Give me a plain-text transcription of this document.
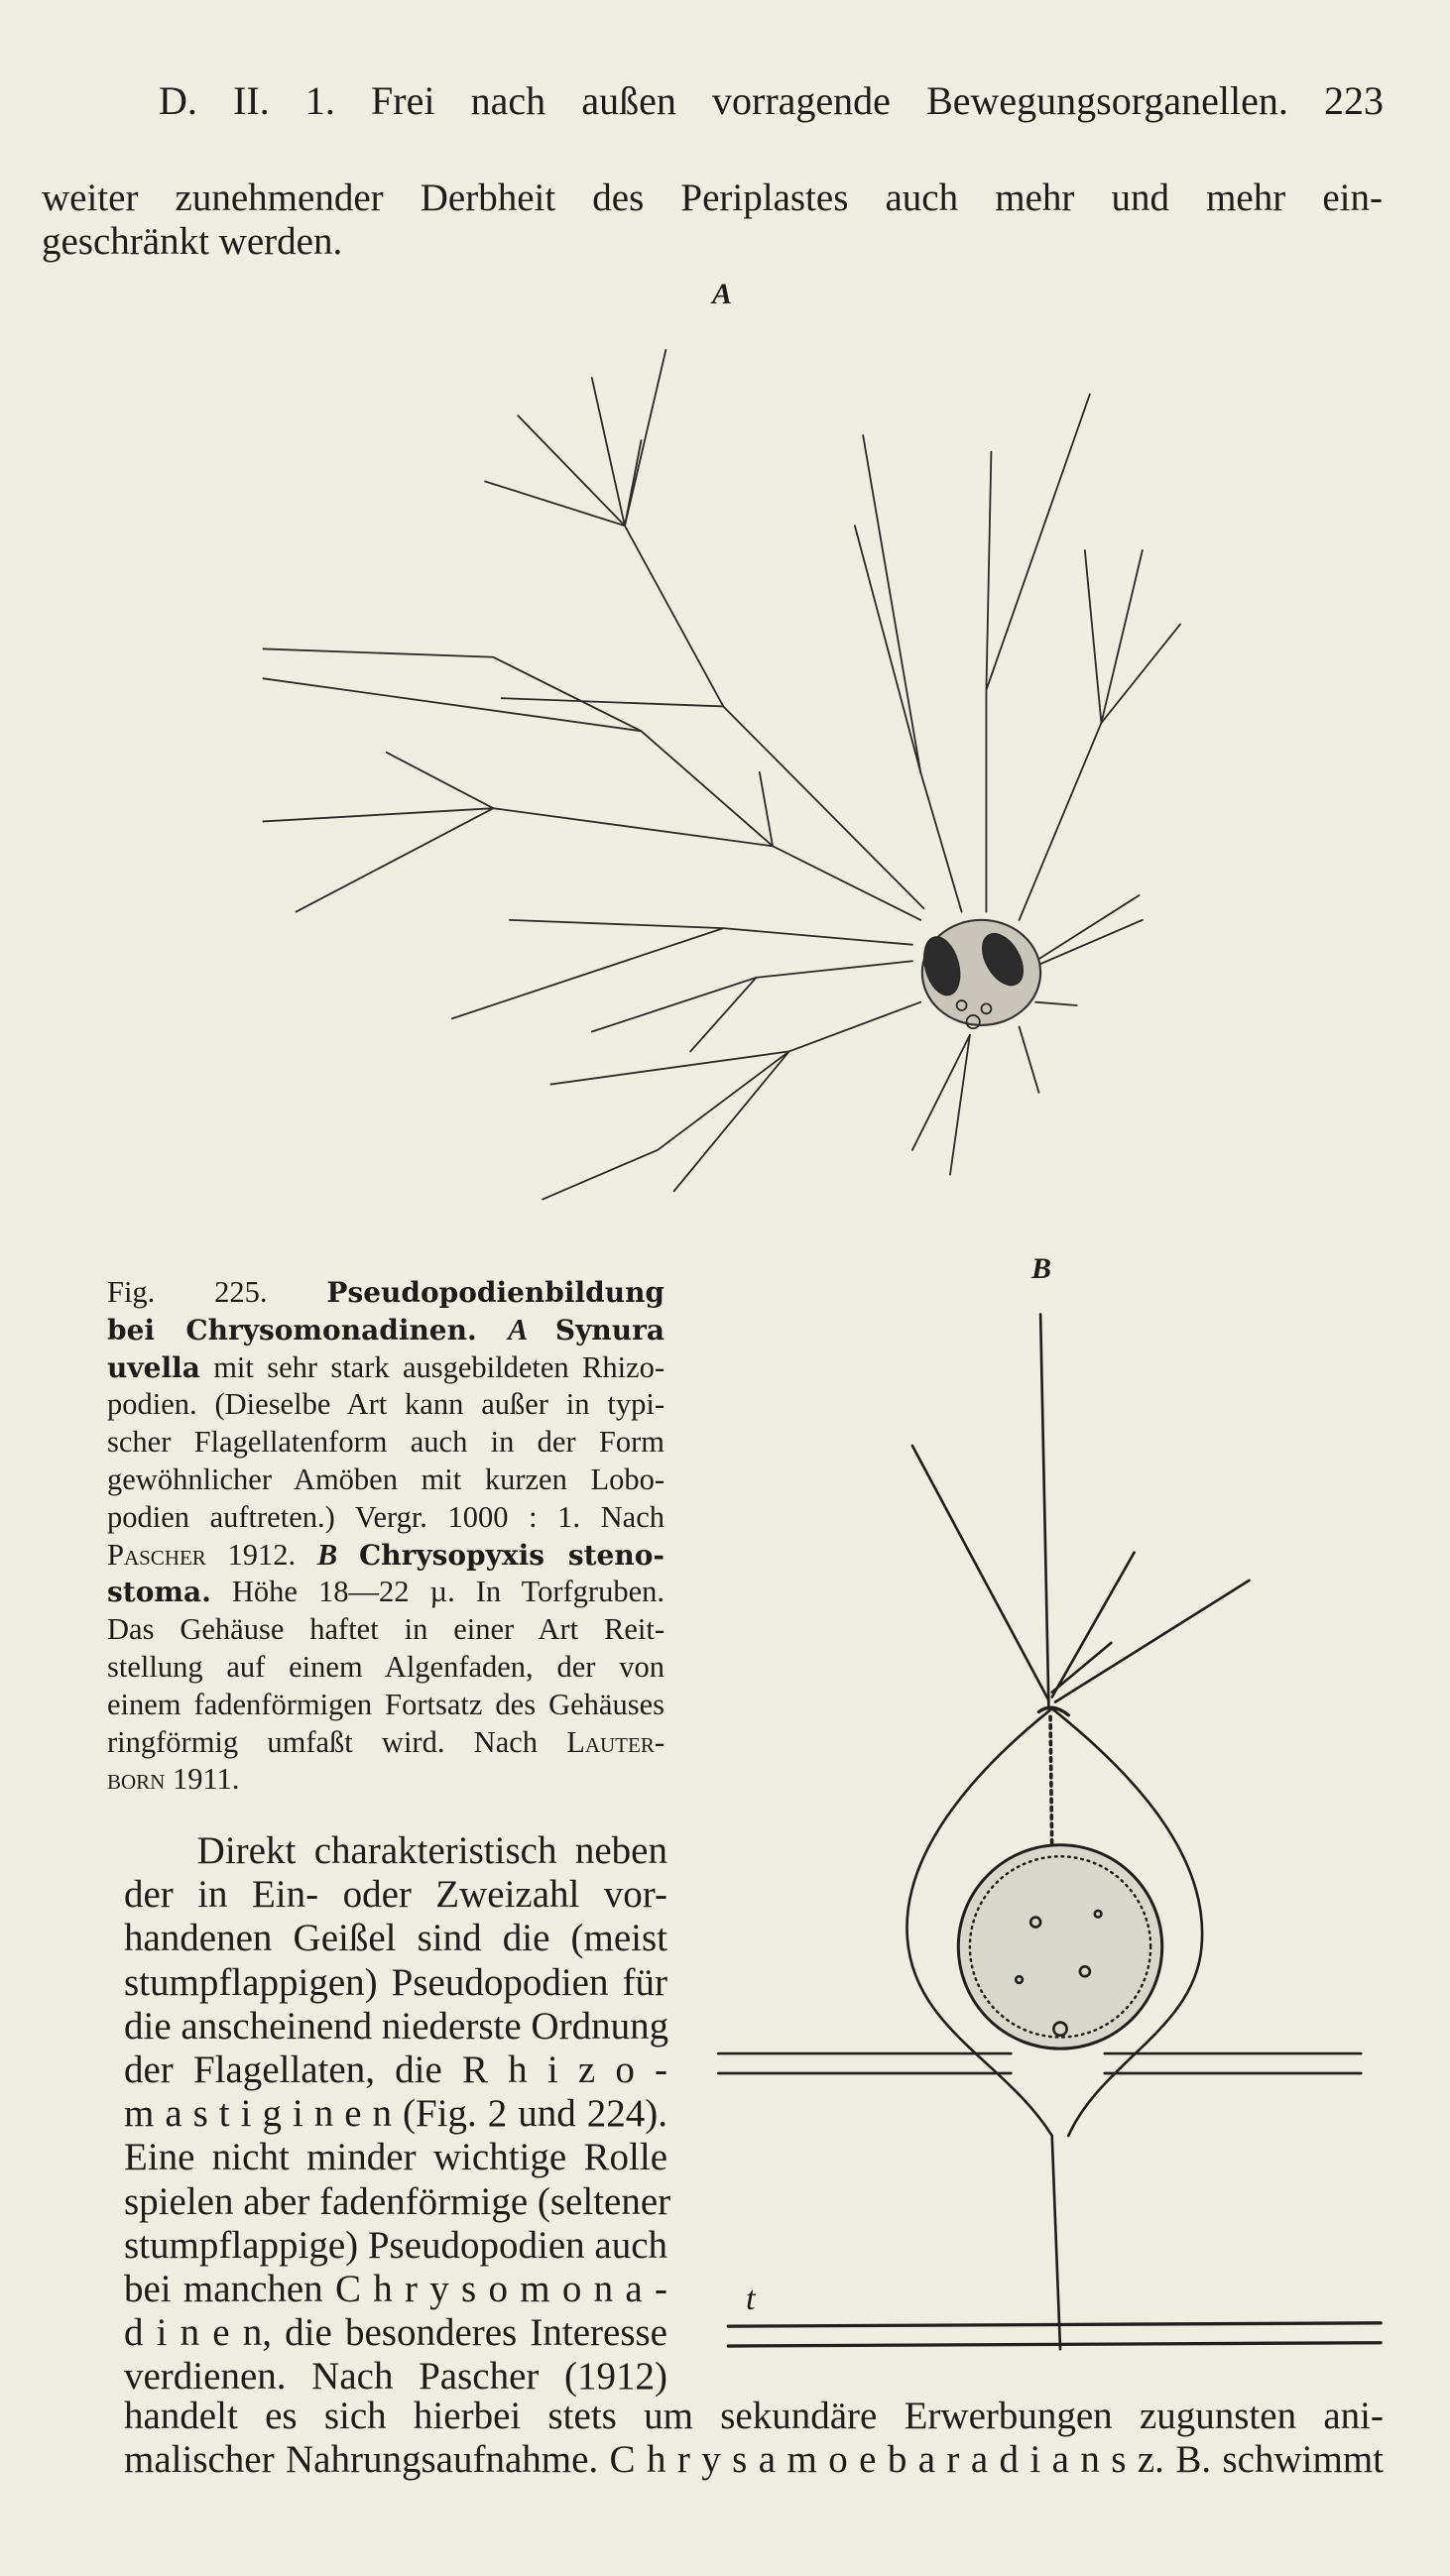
D. II. 1. Frei nach außen vorragende Bewegungsorganellen. 223
weiter zunehmender Derbheit des Periplastes auch mehr und mehr ein-
geschränkt werden.
A
B
t
Fig. 225. Pseudopodienbildung
bei Chrysomonadinen. A Synura
uvella mit sehr stark ausgebildeten Rhizo-
podien. (Dieselbe Art kann außer in typi-
scher Flagellatenform auch in der Form
gewöhnlicher Amöben mit kurzen Lobo-
podien auftreten.) Vergr. 1000 : 1. Nach
Pascher 1912. B Chrysopyxis steno-
stoma. Höhe 18—22 µ. In Torfgruben.
Das Gehäuse haftet in einer Art Reit-
stellung auf einem Algenfaden, der von
einem fadenförmigen Fortsatz des Gehäuses
ringförmig umfaßt wird. Nach Lauter-
born 1911.
Direkt charakteristisch neben
der in Ein- oder Zweizahl vor-
handenen Geißel sind die (meist
stumpflappigen) Pseudopodien für
die anscheinend niederste Ordnung
der Flagellaten, die R h i z o -
m a s t i g i n e n (Fig. 2 und 224).
Eine nicht minder wichtige Rolle
spielen aber fadenförmige (seltener
stumpflappige) Pseudopodien auch
bei manchen C h r y s o m o n a -
d i n e n, die besonderes Interesse
verdienen. Nach Pascher (1912)
handelt es sich hierbei stets um sekundäre Erwerbungen zugunsten ani-
malischer Nahrungsaufnahme. C h r y s a m o e b a r a d i a n s z. B. schwimmt
